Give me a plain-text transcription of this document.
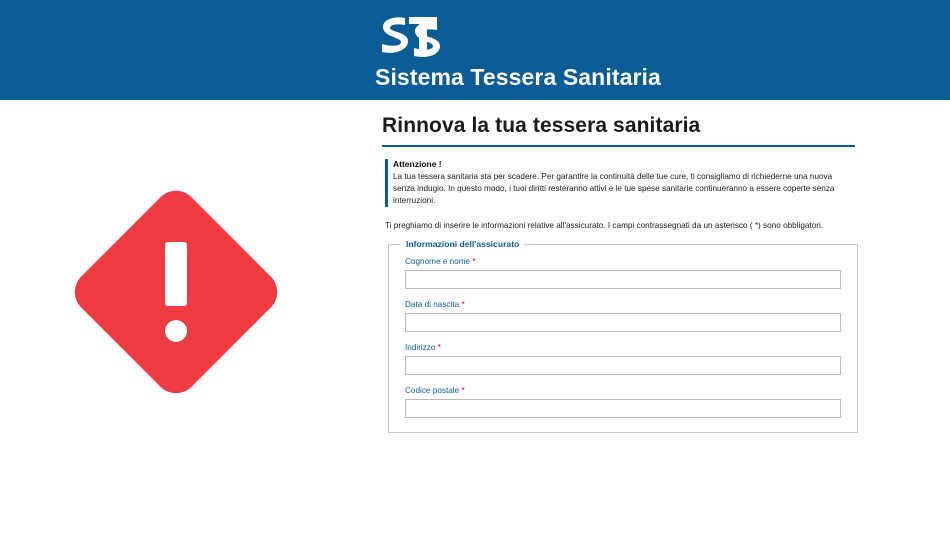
Sistema Tessera Sanitaria
Rinnova la tua tessera sanitaria
Attenzione !
La tua tessera sanitaria sta per scadere. Per garantire la continuità delle tue cure, ti consigliamo di richiederne una nuova senza indugio. In questo modo, i tuoi diritti resteranno attivi e le tue spese sanitarie continueranno a essere coperte senza interruzioni.
Ti preghiamo di inserire le informazioni relative all'assicurato. I campi contrassegnati da un asterisco ( *) sono obbligatori.
Informazioni dell'assicurato
Cognome e nome *
Data di nascita *
Indirizzo *
Codice postale *
